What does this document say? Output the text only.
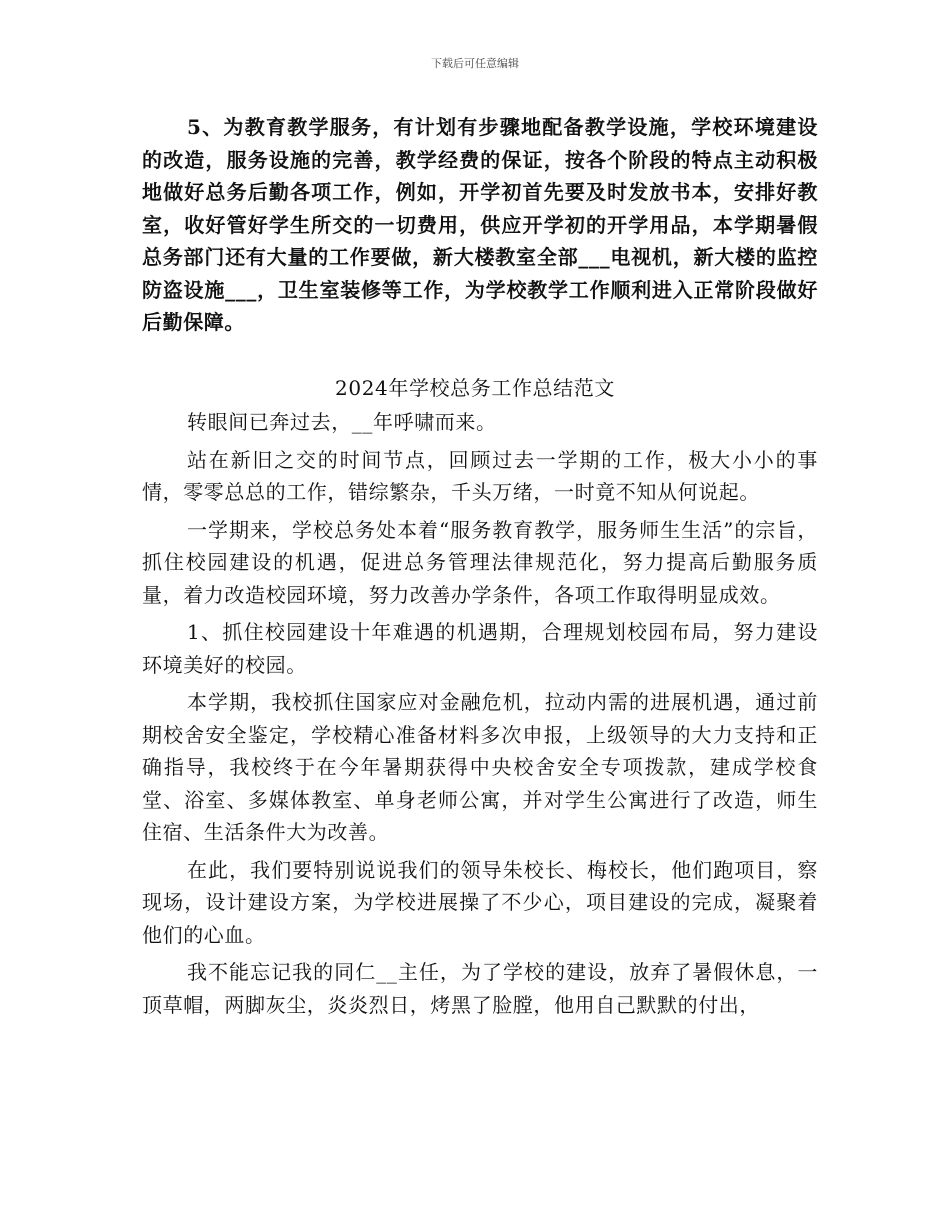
下载后可任意编辑

5、为教育教学服务，有计划有步骤地配备教学设施，学校环境建设的改造，服务设施的完善，教学经费的保证，按各个阶段的特点主动积极地做好总务后勤各项工作，例如，开学初首先要及时发放书本，安排好教室，收好管好学生所交的一切费用，供应开学初的开学用品，本学期暑假总务部门还有大量的工作要做，新大楼教室全部___电视机，新大楼的监控防盗设施___，卫生室装修等工作，为学校教学工作顺利进入正常阶段做好后勤保障。

2024年学校总务工作总结范文

转眼间已奔过去，__年呼啸而来。

站在新旧之交的时间节点，回顾过去一学期的工作，极大小小的事情，零零总总的工作，错综繁杂，千头万绪，一时竟不知从何说起。

一学期来，学校总务处本着“服务教育教学，服务师生生活”的宗旨，抓住校园建设的机遇，促进总务管理法律规范化，努力提高后勤服务质量，着力改造校园环境，努力改善办学条件，各项工作取得明显成效。

1、抓住校园建设十年难遇的机遇期，合理规划校园布局，努力建设环境美好的校园。

本学期，我校抓住国家应对金融危机，拉动内需的进展机遇，通过前期校舍安全鉴定，学校精心准备材料多次申报，上级领导的大力支持和正确指导，我校终于在今年暑期获得中央校舍安全专项拨款，建成学校食堂、浴室、多媒体教室、单身老师公寓，并对学生公寓进行了改造，师生住宿、生活条件大为改善。

在此，我们要特别说说我们的领导朱校长、梅校长，他们跑项目，察现场，设计建设方案，为学校进展操了不少心，项目建设的完成，凝聚着他们的心血。

我不能忘记我的同仁__主任，为了学校的建设，放弃了暑假休息，一顶草帽，两脚灰尘，炎炎烈日，烤黑了脸膛，他用自己默默的付出，
